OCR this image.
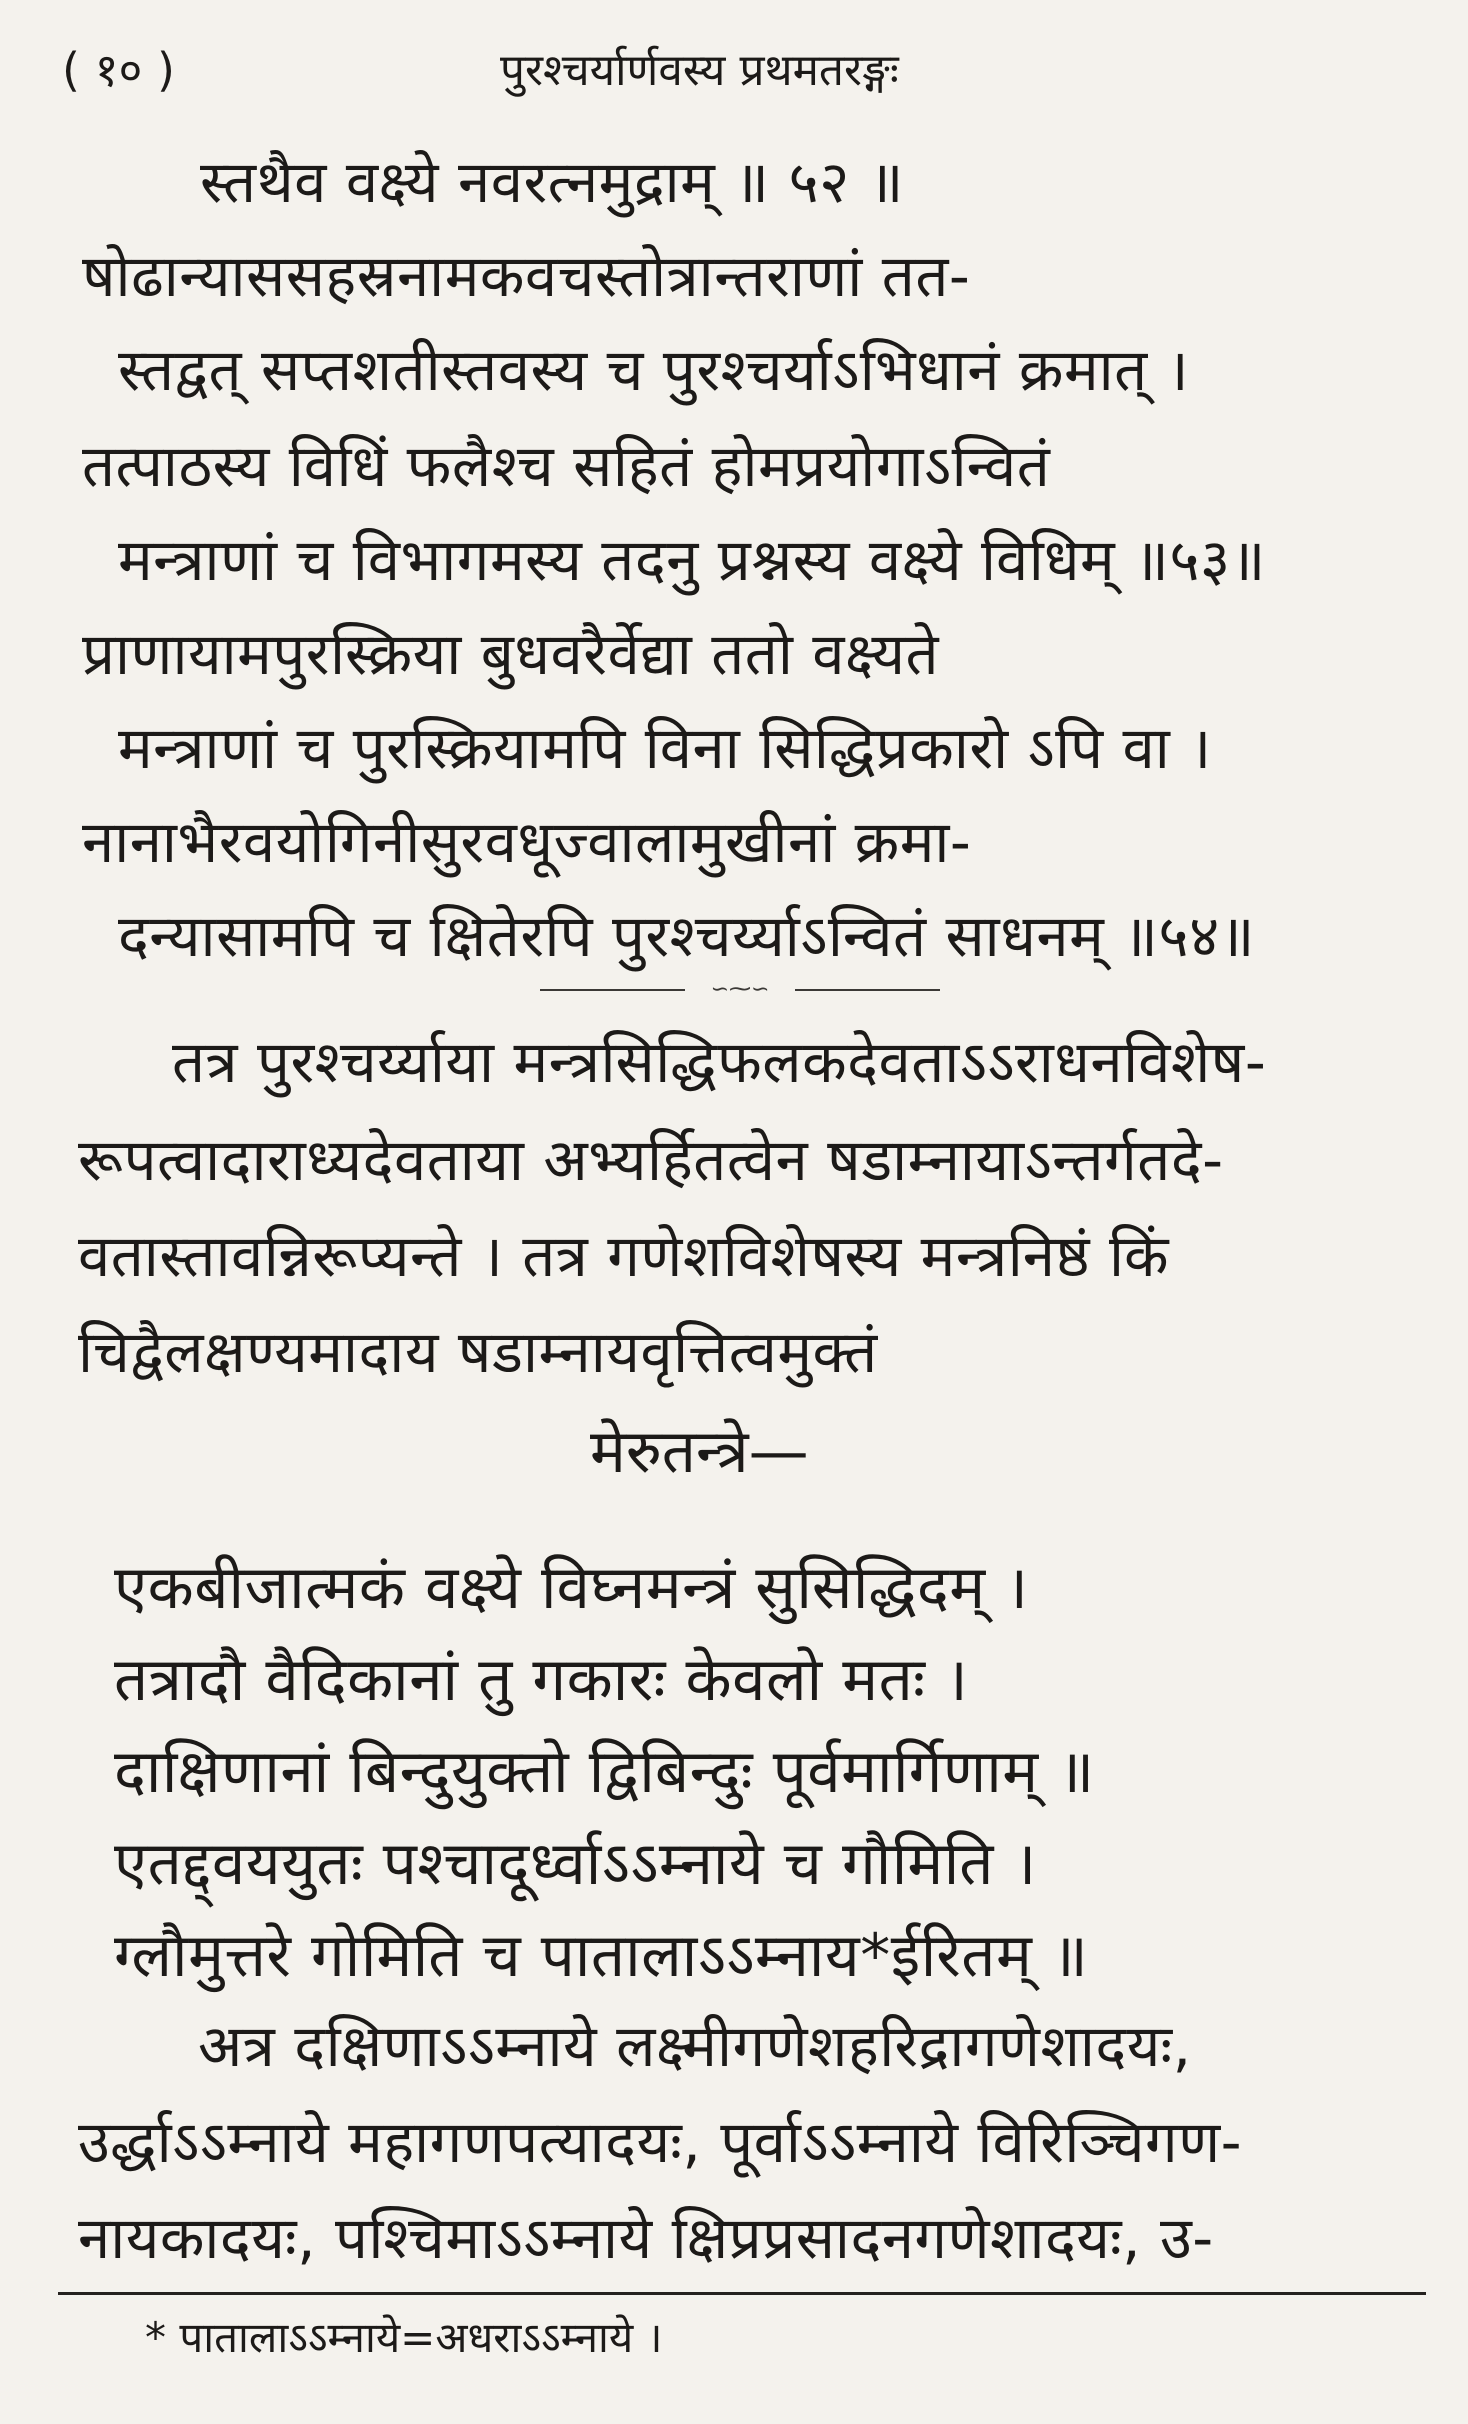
( १० )	पुरश्चर्यार्णवस्य प्रथमतरङ्गः
स्तथैव वक्ष्ये नवरत्नमुद्राम् ॥ ५२ ॥
षोढान्याससहस्रनामकवचस्तोत्रान्तराणां तत-
स्तद्वत् सप्तशतीस्तवस्य च पुरश्चर्याऽभिधानं क्रमात् ।
तत्पाठस्य विधिं फलैश्च सहितं होमप्रयोगाऽन्वितं
मन्त्राणां च विभागमस्य तदनु प्रश्नस्य वक्ष्ये विधिम् ॥५३॥
प्राणायामपुरस्क्रिया बुधवरैर्वेद्या ततो वक्ष्यते
मन्त्राणां च पुरस्क्रियामपि विना सिद्धिप्रकारो ऽपि वा ।
नानाभैरवयोगिनीसुरवधूज्वालामुखीनां क्रमा-
दन्यासामपि च क्षितेरपि पुरश्चर्य्याऽन्वितं साधनम् ॥५४॥
∽⁓∽
तत्र पुरश्चर्य्याया मन्त्रसिद्धिफलकदेवताऽऽराधनविशेष-
रूपत्वादाराध्यदेवताया अभ्यर्हितत्वेन षडाम्नायाऽन्तर्गतदे-
वतास्तावन्निरूप्यन्ते । तत्र गणेशविशेषस्य मन्त्रनिष्ठं किं
चिद्वैलक्षण्यमादाय षडाम्नायवृत्तित्वमुक्तं
मेरुतन्त्रे—
एकबीजात्मकं वक्ष्ये विघ्नमन्त्रं सुसिद्धिदम् ।
तत्रादौ वैदिकानां तु गकारः केवलो मतः ।
दाक्षिणानां बिन्दुयुक्तो द्विबिन्दुः पूर्वमार्गिणाम् ॥
एतद्द्वययुतः पश्चादूर्ध्वाऽऽम्नाये च गौमिति ।
ग्लौमुत्तरे गोमिति च पातालाऽऽम्नाय*ईरितम् ॥
अत्र दक्षिणाऽऽम्नाये लक्ष्मीगणेशहरिद्रागणेशादयः,
उर्द्धाऽऽम्नाये महागणपत्यादयः, पूर्वाऽऽम्नाये विरिञ्चिगण-
नायकादयः, पश्चिमाऽऽम्नाये क्षिप्रप्रसादनगणेशादयः, उ-
* पातालाऽऽम्नाये=अधराऽऽम्नाये ।
